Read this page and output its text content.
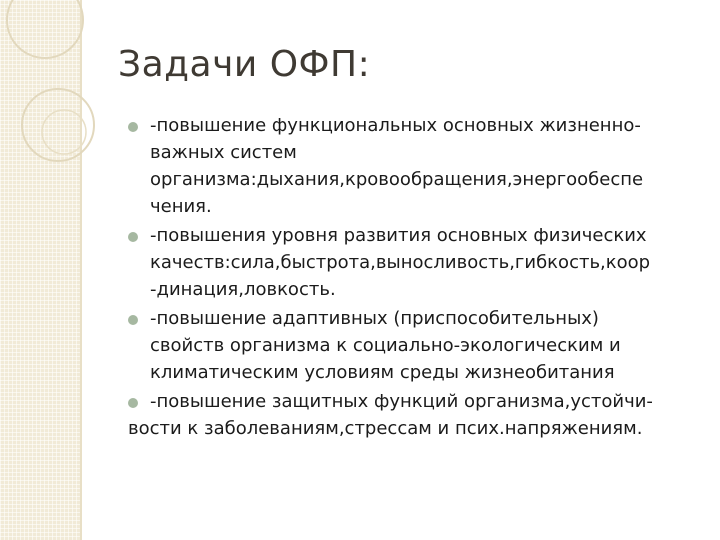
Задачи ОФП:
-повышение функциональных основных жизненно-
важных систем
организма:дыхания,кровообращения,энергообеспе
чения.
-повышения уровня развития основных физических
качеств:сила,быстрота,выносливость,гибкость,коор
-динация,ловкость.
-повышение адаптивных (приспособительных)
свойств организма к социально-экологическим и
климатическим условиям среды жизнеобитания
-повышение защитных функций организма,устойчи-
вости к заболеваниям,стрессам и псих.напряжениям.
